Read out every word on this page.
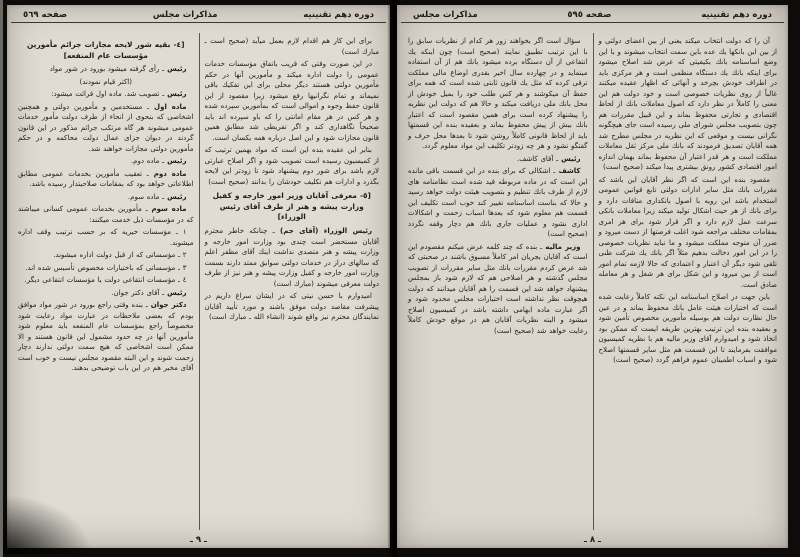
صفحه ٥٦٩	مذاكرات مجلس	دوره دهم تقنينيه

[٤- بقيه شور لايحه مجازات جرائم مأمورين مؤسسات عام المنفعه]

رئيس ـ رأى گرفته ميشود بورود در شور مواد

(اكثر قيام نمودند)

رئيس ـ تصويب شد. ماده اول قرائت ميشود:

ماده اول ـ مستخدمين و مأمورين دولتى و همچنين اشخاصى كه بنحوى از انحاء از طرف دولت مأمور خدمات عمومى ميشوند هر گاه مرتكب جرائم مذكور در اين قانون گردند در ديوان جزاى عمال دولت محاكمه و در حكم مأمورين دولتى مجازات خواهند شد.

رئيس ـ ماده دوم.

ماده دوم ـ تعقيب مأمورين بخدمات عمومى مطابق اطلاعاتى خواهد بود كه بمقامات صلاحيتدار رسيده باشد.

رئيس ـ ماده سوم.

ماده سوم ـ مأمورين بخدمات عمومى كسانى ميباشند كه در مؤسسات ذيل خدمت ميكنند:

١ ـ مؤسسات خيريه كه بر حسب ترتيب وقف اداره ميشوند.

٢ ـ مؤسساتى كه از قبل دولت اداره ميشوند.

٣ ـ مؤسساتى كه باختيارات مخصوص تأسيس شده اند.

٤ ـ مؤسسات انتفاعى دولت يا مؤسسات انتفاعى ديگر.

رئيس ـ آقاى دكتر جوان.

دكتر جوان ـ بنده وقتى راجع بورود در شور مواد موافق بودم كه بعضى ملاحظات در عبارت مواد رعايت شود مخصوصاً راجع بمؤسسات عام المنفعه بايد معلوم شود مأمورين آنها در چه حدود مشمول اين قانون هستند و الا ممكن است اشخاصى كه هيچ سمت دولتى ندارند دچار زحمت شوند و اين البته مقصود مجلس نيست و خوب است آقاى مخبر هم در اين باب توضيحى بدهند.

براى اين كار هم اقدام لازم بعمل ميآيد (صحيح است ـ مبارك است)

در اين صورت وقتى كه قريب باتفاق مؤسسات خدمات عمومى را دولت اداره ميكند و مأمورين آنها در حكم مأمورين دولتى هستند ديگر محلى براى اين تفكيك باقى نميماند و تمام نگرانيها رفع ميشود زيرا مقصود از اين قانون حفظ وجوه و اموالى است كه بمأمورين سپرده شده و هر كس در هر مقام امانتى را كه باو سپرده اند بايد صحيحاً نگاهدارى كند و اگر تفريطى شد مطابق همين قانون مجازات شود و اين اصل درباره همه يكسان است.

بنابر اين عقيده بنده اين است كه مواد بهمين ترتيب كه از كميسيون رسيده است تصويب شود و اگر اصلاح عبارتى لازم باشد براى شور دوم پيشنهاد شود تا زودتر اين لايحه بگذرد و ادارات هم تكليف خودشان را بدانند (صحيح است)

[٥- معرفى آقايان وزير امور خارجه و كفيل وزارت پيشه و هنر از طرف آقاى رئيس الوزراء]

رئيس الوزراء (آقاى جم) ـ چنانكه خاطر محترم آقايان مستحضر است چندى بود وزارت امور خارجه و وزارت پيشه و هنر متصدى نداشت اينك آقاى مظفر اعلم كه سالهاى دراز در خدمات دولتى سوابق ممتد دارند بسمت وزارت امور خارجه و كفيل وزارت پيشه و هنر نيز از طرف دولت معرفى ميشوند (مبارك است)

اميدوارم با حسن نيتى كه در ايشان سراغ داريم در پيشرفت مقاصد دولت موفق باشند و مورد تأييد آقايان نمايندگان محترم نيز واقع شوند (انشاء الله ـ مبارك است)

ـ ٩ ـ
مذاكرات مجلس	صفحه ٥٩٥	دوره دهم تقنينيه

سؤال است اگر بخواهند زور هر كدام از نظريات سابق را با اين ترتيب تطبيق نمايند (صحيح است) چون اينكه يك انتفاعى از آن دستگاه برده ميشود بانك هم از آن استفاده مينمايد و در چهارده سال اخير بقدرى اوضاع مالى مملكت ترقى كرده كه مثل يك قانون ثابتى شده است كه همه براى حفظ آن ميكوشند و هر كس طلب خود را بميل خودش از محل بانك ملى دريافت ميكند و حالا هم كه دولت اين نظريه را پيشنهاد كرده است براى همين مقصود است كه اعتبار بانك بيش از پيش محفوظ بماند و بعقيده بنده اين قسمتها بايد از لحاظ قانونى كاملاً روشن شود تا بعدها محل حرف و گفتگو نشود و هر چه زودتر تكليف اين مواد معلوم گردد.

رئيس ـ آقاى كاشف.

كاشف ـ اشكالى كه براى بنده در اين قسمت باقى مانده اين است كه در ماده مربوطه قيد شده است نظامنامه هاى لازم از طرف بانك تنظيم و بتصويب هيئت دولت خواهد رسيد و حالا كه بناست اساسنامه تغيير كند خوب است تكليف اين قسمت هم معلوم شود كه بعدها اسباب زحمت و اشكالات ادارى نشود و عمليات جارى بانك هم دچار وقفه نگردد (صحيح است)

وزير ماليه ـ بنده كه چند كلمه عرض ميكنم مقصودم اين است كه آقايان بجريان امر كاملاً مسبوق باشند در صحبتى كه شد عرض كردم مقررات بانك مثل ساير مقررات از تصويب مجلس گذشته و هر اصلاحى هم كه لازم شود باز بمجلس پيشنهاد خواهد شد اين قسمت را هم آقايان ميدانند كه دولت هيچوقت نظر نداشته است اختيارات مجلس محدود شود و اگر عبارت ماده ابهامى داشته باشد در كميسيون اصلاح ميشود و البته نظريات آقايان هم در موقع خودش كاملاً رعايت خواهد شد (صحيح است)

آن را كه دولت انتخاب ميكند يعنى از بين اعضاى دولتى و از بين اين بانكها يك عده باين سمت انتخاب ميشوند و با اين وضع اساسنامه بانك بكيفيتى كه عرض شد اصلاح ميشود براى اينكه بانك يك دستگاه منظمى است و هر مركزى بايد در اطراف خودش بچرخد و آنهائى كه اظهار عقيده ميكنند غالباً از روى نظريات خصوصى است و خود دولت هم اين معنى را كاملاً در نظر دارد كه اصول معاملات بانك از لحاظ اقتصادى و تجارتى محفوظ بماند و اين قبيل مقررات هم چون بتصويب مجلس شوراى ملى رسيده است جاى هيچگونه نگرانى نيست و موقعى كه اين نظريه در مجلس مطرح شد همه آقايان تصديق فرمودند كه بانك ملى مركز ثقل معاملات مملكت است و هر قدر اعتبار آن محفوظ بماند بهمان اندازه امور اقتصادى كشور رونق بيشترى پيدا ميكند (صحيح است)

مقصود بنده اين است كه اگر نظر آقايان اين باشد كه مقررات بانك مثل ساير ادارات دولتى تابع قوانين عمومى استخدام باشد اين رويه با اصول بانكدارى منافات دارد و براى بانك از هر حيث اشكال توليد ميكند زيرا معاملات بانكى سرعت عمل لازم دارد و اگر قرار شود براى هر امرى بمقامات مختلف مراجعه شود اغلب فرصتها از دست ميرود و ضرر آن متوجه مملكت ميشود و ما نبايد نظريات خصوصى را در اين امور دخالت بدهيم مثلاً اگر بانك يك شركت ظنى تلقى شود ديگر آن اعتبار و اعتمادى كه حالا لازمه تمام امور است از بين ميرود و اين شكل براى هر شغل و هر معامله صادق است.

باين جهت در اصلاح اساسنامه اين نكته كاملاً رعايت شده است كه اختيارات هيئت عامل بانك محفوظ بماند و در عين حال نظارت دولت هم بوسيله مأمورين مخصوص تأمين شود و بعقيده بنده اين ترتيب بهترين طريقه ايست كه ممكن بود اتخاذ شود و اميدوارم آقاى وزير ماليه هم با نظريه كميسيون موافقت بفرمايند تا اين قسمت هم مثل ساير قسمتها اصلاح شود و اسباب اطمينان عموم فراهم گردد (صحيح است)

ـ ٨ ـ
